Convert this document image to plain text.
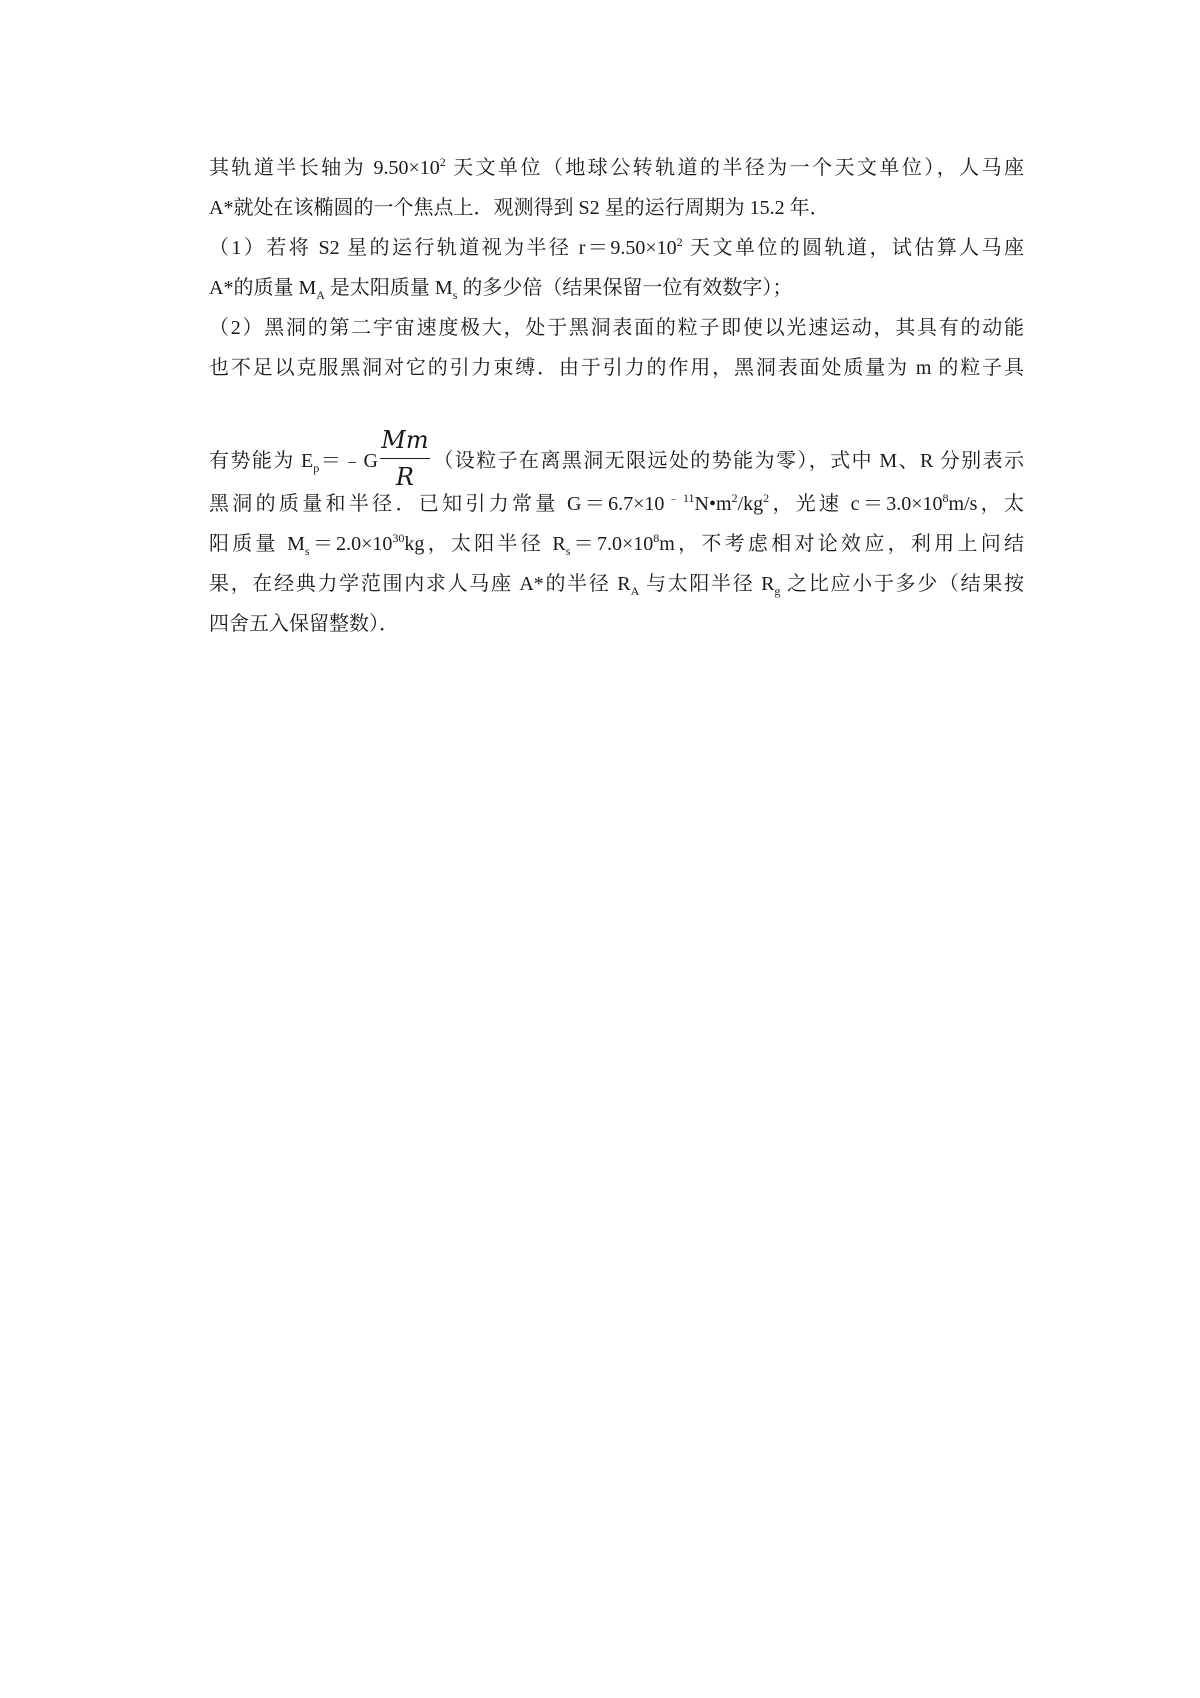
其轨道半长轴为 $9.50\times 10^2$ 天文单位（地球公转轨道的半径为一个天文单位），人马座
A*就处在该椭圆的一个焦点上．观测得到 S2 星的运行周期为 15.2 年．
（1）若将 S2 星的运行轨道视为半径 $r=9.50\times 10^2$ 天文单位的圆轨道，试估算人马座
A*的质量 $M_A$ 是太阳质量 $M_s$ 的多少倍（结果保留一位有效数字）；
（2）黑洞的第二宇宙速度极大，处于黑洞表面的粒子即使以光速运动，其具有的动能
也不足以克服黑洞对它的引力束缚．由于引力的作用，黑洞表面处质量为 m 的粒子具
有势能为 $E_p=﹣G \frac{Mm}{R}$ （设粒子在离黑洞无限远处的势能为零），式中 M、R 分别表示
黑洞的质量和半径．已知引力常量 $G=6.7\times 10^{﹣11}N•m^2/kg^2$，光速 $c=3.0\times 10^8m/s$，太
阳质量 $M_s=2.0\times 10^{30}kg$，太阳半径 $R_s=7.0\times 10^8m$，不考虑相对论效应，利用上问结
果，在经典力学范围内求人马座 A*的半径 $R_A$ 与太阳半径 $R_g$ 之比应小于多少（结果按
四舍五入保留整数）．
